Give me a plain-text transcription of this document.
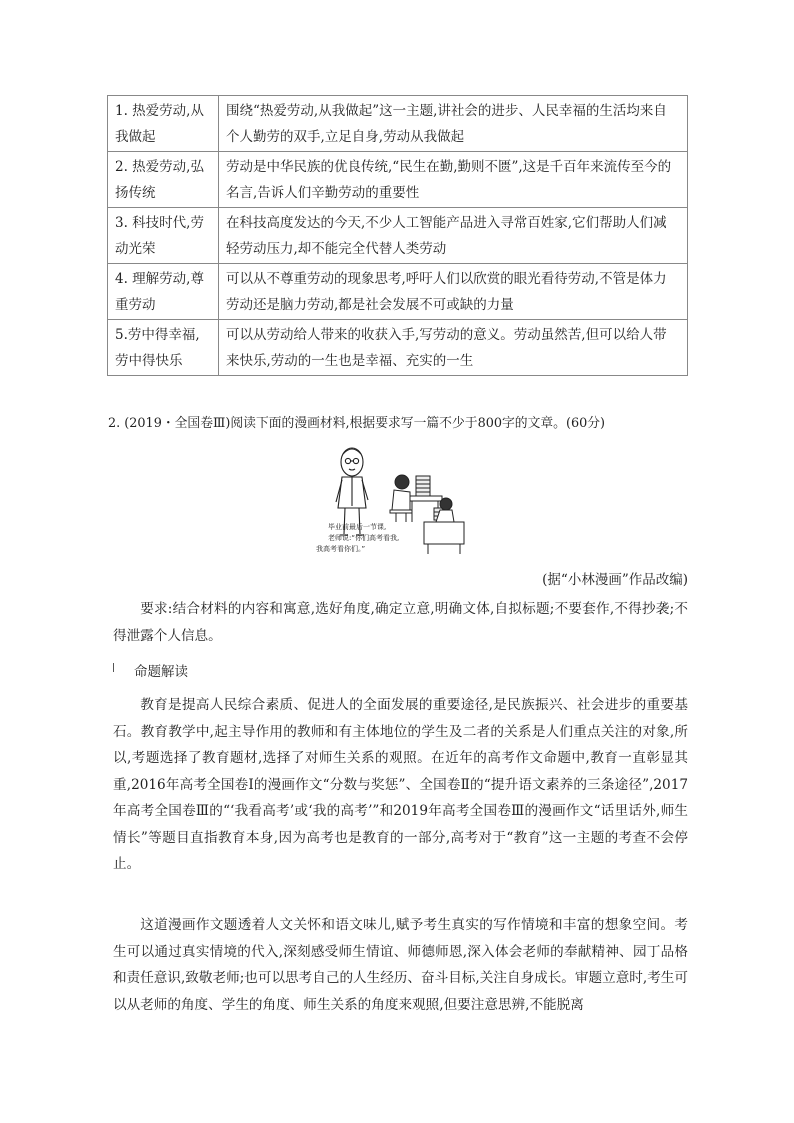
1. 热爱劳动,从我做起	围绕“热爱劳动,从我做起”这一主题,讲社会的进步、人民幸福的生活均来自个人勤劳的双手,立足自身,劳动从我做起
2. 热爱劳动,弘扬传统	劳动是中华民族的优良传统,“民生在勤,勤则不匮”,这是千百年来流传至今的名言,告诉人们辛勤劳动的重要性
3. 科技时代,劳动光荣	在科技高度发达的今天,不少人工智能产品进入寻常百姓家,它们帮助人们减轻劳动压力,却不能完全代替人类劳动
4. 理解劳动,尊重劳动	可以从不尊重劳动的现象思考,呼吁人们以欣赏的眼光看待劳动,不管是体力劳动还是脑力劳动,都是社会发展不可或缺的力量
5.劳中得幸福,劳中得快乐	可以从劳动给人带来的收获入手,写劳动的意义。劳动虽然苦,但可以给人带来快乐,劳动的一生也是幸福、充实的一生
2. (2019・全国卷Ⅲ)阅读下面的漫画材料,根据要求写一篇不少于800字的文章。(60分)
毕业前最后一节课,
老师说:“你们高考看我,
我高考看你们。”
(据“小林漫画”作品改编)

要求:结合材料的内容和寓意,选好角度,确定立意,明确文体,自拟标题;不要套作,不得抄袭;不得泄露个人信息。

命题解读

教育是提高人民综合素质、促进人的全面发展的重要途径,是民族振兴、社会进步的重要基石。教育教学中,起主导作用的教师和有主体地位的学生及二者的关系是人们重点关注的对象,所以,考题选择了教育题材,选择了对师生关系的观照。在近年的高考作文命题中,教育一直彰显其重,2016年高考全国卷Ⅰ的漫画作文“分数与奖惩”、全国卷Ⅱ的“提升语文素养的三条途径”,2017年高考全国卷Ⅲ的“‘我看高考’或‘我的高考’”和2019年高考全国卷Ⅲ的漫画作文“话里话外,师生情长”等题目直指教育本身,因为高考也是教育的一部分,高考对于“教育”这一主题的考查不会停止。

这道漫画作文题透着人文关怀和语文味儿,赋予考生真实的写作情境和丰富的想象空间。考生可以通过真实情境的代入,深刻感受师生情谊、师德师恩,深入体会老师的奉献精神、园丁品格和责任意识,致敬老师;也可以思考自己的人生经历、奋斗目标,关注自身成长。审题立意时,考生可以从老师的角度、学生的角度、师生关系的角度来观照,但要注意思辨,不能脱离
